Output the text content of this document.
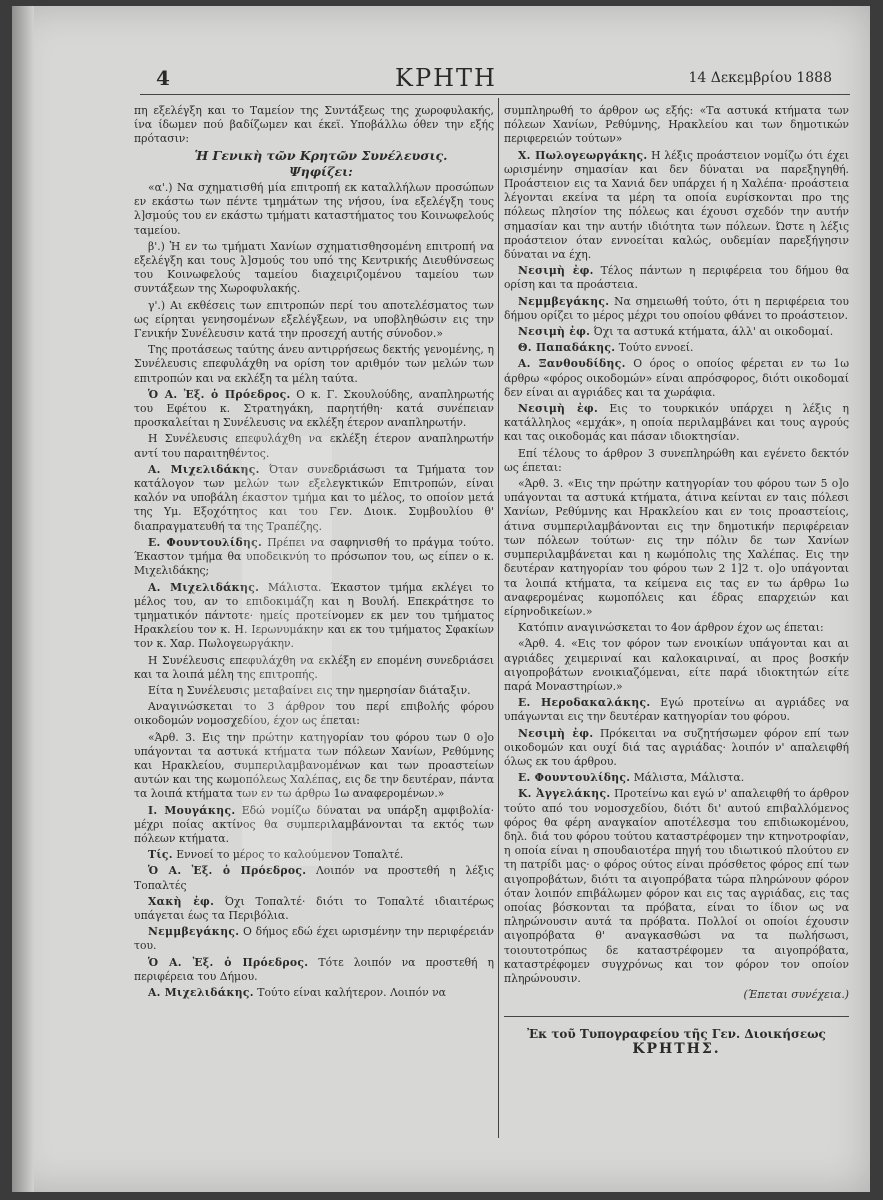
4	ΚΡΗΤΗ	14 Δεκεμβρίου 1888

πη εξελέγξη και το Ταμείον της Συντάξεως της χωροφυλακής, ίνα ίδωμεν πού βαδίζωμεν και έκεϊ. Υποβάλλω όθεν την εξής πρότασιν:

Ἡ Γενικὴ τῶν Κρητῶν Συνέλευσις.

Ψηφίζει:

«α'.) Να σχηματισθή μία επιτροπή εκ καταλλήλων προσώπων εν εκάστω των πέντε τμημάτων της νήσου, ίνα εξελέγξη τους λ]σμούς του εν εκάστω τμήματι καταστήματος του Κοινωφελούς ταμείου.

β'.) Ἡ εν τω τμήματι Χανίων σχηματισθησομένη επιτροπή να εξελέγξη και τους λ]σμούς του υπό της Κεντρικής Διευθύνσεως του Κοινωφελούς ταμείου διαχειριζομένου ταμείου των συντάξεων της Χωροφυλακής.

γ'.) Αι εκθέσεις των επιτροπών περί του αποτελέσματος των ως είρηται γενησομένων εξελέγξεων, να υποβληθώσιν εις την Γενικήν Συνέλευσιν κατά την προσεχή αυτής σύνοδον.»

Της προτάσεως ταύτης άνευ αντιρρήσεως δεκτής γενομένης, η Συνέλευσις επεφυλάχθη να ορίση τον αριθμόν των μελών των επιτροπών και να εκλέξη τα μέλη ταύτα.

Ὁ Α. Ἐξ. ὁ Πρόεδρος. Ο κ. Γ. Σκουλούδης, αναπληρωτής του Εφέτου κ. Στρατηγάκη, παρητήθη· κατά συνέπειαν προσκαλείται η Συνέλευσις να εκλέξη έτερον αναπληρωτήν.

Η Συνέλευσις επεφυλάχθη να εκλέξη έτερον αναπληρωτήν αντί του παραιτηθέντος.

Α. Μιχελιδάκης. Όταν συνεδριάσωσι τα Τμήματα τον κατάλογον των μελών των εξελεγκτικών Επιτροπών, είναι καλόν να υποβάλη έκαστον τμήμα και το μέλος, το οποίον μετά της Υμ. Εξοχότητος και του Γεν. Διοικ. Συμβουλίου θ' διαπραγματευθή τα της Τραπέζης.

Ε. Φουντουλίδης. Πρέπει να σαφηνισθή το πράγμα τούτο. Έκαστον τμήμα θα υποδεικνύη το πρόσωπον του, ως είπεν ο κ. Μιχελιδάκης;

Α. Μιχελιδάκης. Μάλιστα. Έκαστον τμήμα εκλέγει το μέλος του, αν το επιδοκιμάζη και η Βουλή. Επεκράτησε το τμηματικόν πάντοτε· ημείς προτείνομεν εκ μεν του τμήματος Ηρακλείου τον κ. Η. Ιερωνυμάκην και εκ του τμήματος Σφακίων τον κ. Χαρ. Πωλογεωργάκην.

Η Συνέλευσις επεφυλάχθη να εκλέξη εν επομένη συνεδριάσει και τα λοιπά μέλη της επιτροπής.

Είτα η Συνέλευσις μεταβαίνει εις την ημερησίαν διάταξιν.

Αναγινώσκεται το 3 άρθρον του περί επιβολής φόρου οικοδομών νομοσχεδίου, έχον ως έπεται:

«Άρθ. 3. Εις την πρώτην κατηγορίαν του φόρου των 0 ο]ο υπάγονται τα αστυκά κτήματα των πόλεων Χανίων, Ρεθύμνης και Ηρακλείου, συμπεριλαμβανομένων και των προαστείων αυτών και της κωμοπόλεως Χαλέπας, εις δε την δευτέραν, πάντα τα λοιπά κτήματα των εν τω άρθρω 1ω αναφερομένων.»

Ι. Μουγάκης. Εδώ νομίζω δύναται να υπάρξη αμφιβολία· μέχρι ποίας ακτίνος θα συμπεριλαμβάνονται τα εκτός των πόλεων κτήματα.

Τίς. Εννοεί το μέρος το καλούμενον Τοπαλτέ.

Ὁ Α. Ἐξ. ὁ Πρόεδρος. Λοιπόν να προστεθή η λέξις Τοπαλτές

Χακὴ ἐφ. Όχι Τοπαλτέ· διότι το Τοπαλτέ ιδιαιτέρως υπάγεται έως τα Περιβόλια.

Νεμμβεγάκης. Ο δήμος εδώ έχει ωρισμένην την περιφέρειάν του.

Ὁ Α. Ἐξ. ὁ Πρόεδρος. Τότε λοιπόν να προστεθή η περιφέρεια του Δήμου.

Α. Μιχελιδάκης. Τούτο είναι καλήτερον. Λοιπόν να

συμπληρωθή το άρθρον ως εξής: «Τα αστυκά κτήματα των πόλεων Χανίων, Ρεθύμνης, Ηρακλείου και των δημοτικών περιφερειών τούτων»

Χ. Πωλογεωργάκης. Η λέξις προάστειον νομίζω ότι έχει ωρισμένην σημασίαν και δεν δύναται να παρεξηγηθή. Προάστειον εις τα Χανιά δεν υπάρχει ή η Χαλέπα· προάστεια λέγονται εκείνα τα μέρη τα οποία ευρίσκονται προ της πόλεως πλησίον της πόλεως και έχουσι σχεδόν την αυτήν σημασίαν και την αυτήν ιδιότητα των πόλεων. Ώστε η λέξις προάστειον όταν εννοείται καλώς, ουδεμίαν παρεξήγησιν δύναται να έχη.

Νεσιμὴ ἐφ. Τέλος πάντων η περιφέρεια του δήμου θα ορίση και τα προάστεια.

Νεμμβεγάκης. Να σημειωθή τούτο, ότι η περιφέρεια του δήμου ορίζει το μέρος μέχρι του οποίου φθάνει το προάστειον.

Νεσιμὴ ἐφ. Όχι τα αστυκά κτήματα, άλλ' αι οικοδομαί.

Θ. Παπαδάκης. Τούτο εννοεί.

Α. Ξανθουδίδης. Ο όρος ο οποίος φέρεται εν τω 1ω άρθρω «φόρος οικοδομών» είναι απρόσφορος, διότι οικοδομαί δεν είναι αι αγριάδες και τα χωράφια.

Νεσιμὴ ἐφ. Εις το τουρκικόν υπάρχει η λέξις η κατάλληλος «εμχάκ», η οποία περιλαμβάνει και τους αγρούς και τας οικοδομάς και πάσαν ιδιοκτησίαν.

Επί τέλους το άρθρον 3 συνεπληρώθη και εγένετο δεκτόν ως έπεται:

«Άρθ. 3. «Εις την πρώτην κατηγορίαν του φόρου των 5 ο]ο υπάγονται τα αστυκά κτήματα, άτινα κείνται εν ταις πόλεσι Χανίων, Ρεθύμνης και Ηρακλείου και εν τοις προαστείοις, άτινα συμπεριλαμβάνονται εις την δημοτικήν περιφέρειαν των πόλεων τούτων· εις την πόλιν δε των Χανίων συμπεριλαμβάνεται και η κωμόπολις της Χαλέπας. Εις την δευτέραν κατηγορίαν του φόρου των 2 1]2 τ. ο]ο υπάγονται τα λοιπά κτήματα, τα κείμενα εις τας εν τω άρθρω 1ω αναφερομένας κωμοπόλεις και έδρας επαρχειών και είρηνοδικείων.»

Κατόπιν αναγινώσκεται το 4ον άρθρον έχον ως έπεται:

«Άρθ. 4. «Εις τον φόρον των ενοικίων υπάγονται και αι αγριάδες χειμεριναί και καλοκαιριναί, αι προς βοσκήν αιγοπροβάτων ενοικιαζόμεναι, είτε παρά ιδιοκτητών είτε παρά Μοναστηρίων.»

Ε. Ηεροδακαλάκης. Εγώ προτείνω αι αγριάδες να υπάγωνται εις την δευτέραν κατηγορίαν του φόρου.

Νεσιμὴ ἐφ. Πρόκειται να συζητήσωμεν φόρον επί των οικοδομών και ουχί διά τας αγριάδας· λοιπόν ν' απαλειφθή όλως εκ του άρθρου.

Ε. Φουντουλίδης. Μάλιστα, Μάλιστα.

Κ. Ἀγγελάκης. Προτείνω και εγώ ν' απαλειφθή το άρθρον τούτο από του νομοσχεδίου, διότι δι' αυτού επιβαλλόμενος φόρος θα φέρη αναγκαίον αποτέλεσμα του επιδιωκομένου, δηλ. διά του φόρου τούτου καταστρέφομεν την κτηνοτροφίαν, η οποία είναι η σπουδαιοτέρα πηγή του ιδιωτικού πλούτου εν τη πατρίδι μας· ο φόρος ούτος είναι πρόσθετος φόρος επί των αιγοπροβάτων, διότι τα αιγοπρόβατα τώρα πληρώνουν φόρον όταν λοιπόν επιβάλωμεν φόρον και εις τας αγριάδας, εις τας οποίας βόσκονται τα πρόβατα, είναι το ίδιον ως να πληρώνουσιν αυτά τα πρόβατα. Πολλοί οι οποίοι έχουσιν αιγοπρόβατα θ' αναγκασθώσι να τα πωλήσωσι, τοιουτοτρόπως δε καταστρέφομεν τα αιγοπρόβατα, καταστρέφομεν συγχρόνως και τον φόρον τον οποίον πληρώνουσιν.

(Έπεται συνέχεια.)

Ἐκ τοῦ Τυπογραφείου τῆς Γεν. Διοικήσεως
ΚΡΗΤΗΣ.
